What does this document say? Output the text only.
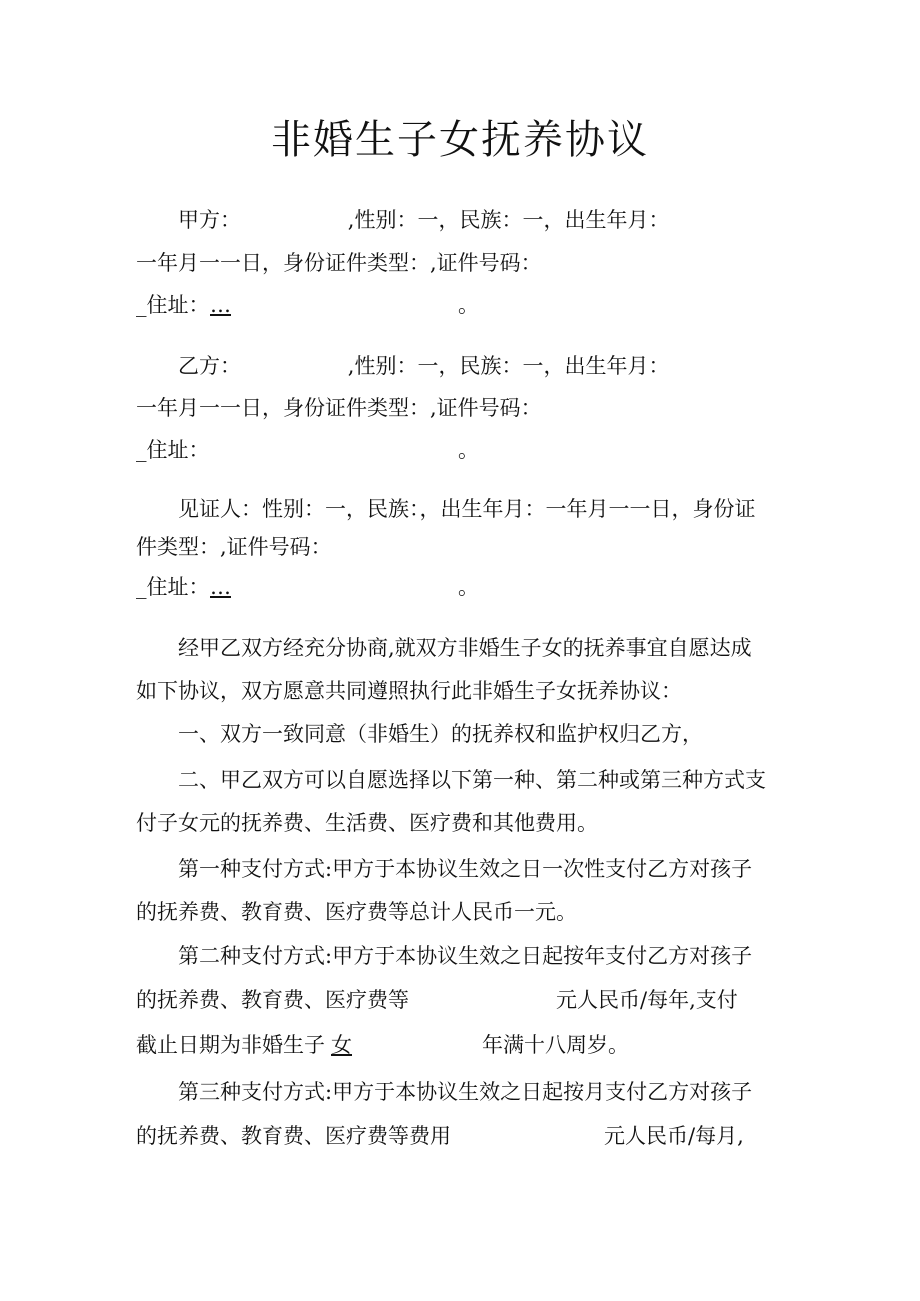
非婚生子女抚养协议
甲方：                ,性别：一，民族：一，出生年月：
一年月一一日，身份证件类型：,证件号码：
_住址： …	。
乙方：                ,性别：一，民族：一，出生年月：
一年月一一日，身份证件类型：,证件号码：
_住址：	。
见证人：性别：一，民族：，出生年月：一年月一一日，身份证
件类型：,证件号码：
_住址： …	。
经甲乙双方经充分协商,就双方非婚生子女的抚养事宜自愿达成
如下协议，双方愿意共同遵照执行此非婚生子女抚养协议：
一、双方一致同意（非婚生）的抚养权和监护权归乙方，
二、甲乙双方可以自愿选择以下第一种、第二种或第三种方式支
付子女元的抚养费、生活费、医疗费和其他费用。
第一种支付方式:甲方于本协议生效之日一次性支付乙方对孩子
的抚养费、教育费、医疗费等总计人民币一元。
第二种支付方式:甲方于本协议生效之日起按年支付乙方对孩子
的抚养费、教育费、医疗费等	元人民币/每年,支付
截止日期为非婚生子 女	年满十八周岁。
第三种支付方式:甲方于本协议生效之日起按月支付乙方对孩子
的抚养费、教育费、医疗费等费用	元人民币/每月,
